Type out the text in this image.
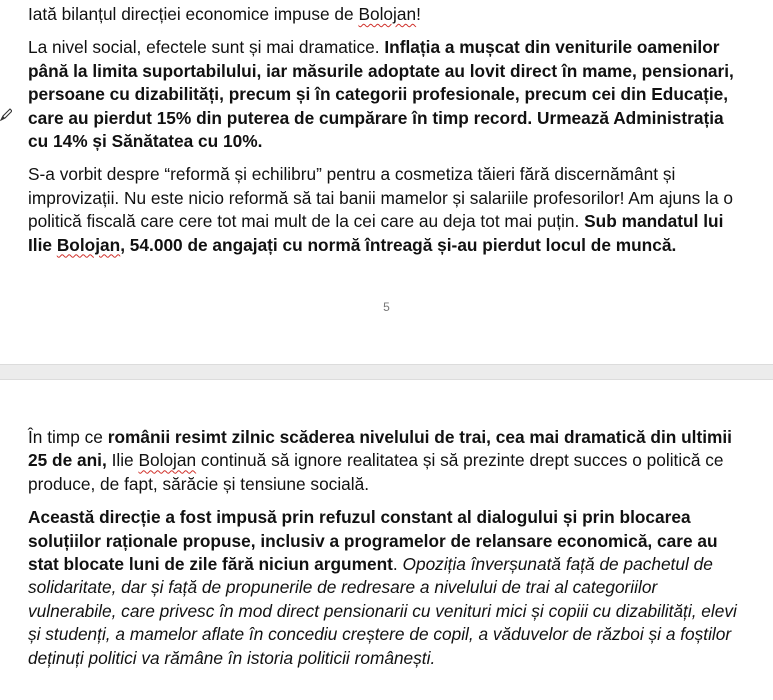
Iată bilanțul direcției economice impuse de Bolojan!

La nivel social, efectele sunt și mai dramatice. Inflația a mușcat din veniturile oamenilor până la limita suportabilului, iar măsurile adoptate au lovit direct în mame, pensionari, persoane cu dizabilități, precum și în categorii profesionale, precum cei din Educație, care au pierdut 15% din puterea de cumpărare în timp record. Urmează Administrația cu 14% și Sănătatea cu 10%.

S-a vorbit despre “reformă și echilibru” pentru a cosmetiza tăieri fără discernământ și improvizații. Nu este nicio reformă să tai banii mamelor și salariile profesorilor! Am ajuns la o politică fiscală care cere tot mai mult de la cei care au deja tot mai puțin. Sub mandatul lui Ilie Bolojan, 54.000 de angajați cu normă întreagă și-au pierdut locul de muncă.

5

În timp ce românii resimt zilnic scăderea nivelului de trai, cea mai dramatică din ultimii 25 de ani, Ilie Bolojan continuă să ignore realitatea și să prezinte drept succes o politică ce produce, de fapt, sărăcie și tensiune socială.

Această direcție a fost impusă prin refuzul constant al dialogului și prin blocarea soluțiilor raționale propuse, inclusiv a programelor de relansare economică, care au stat blocate luni de zile fără niciun argument. Opoziția înverșunată față de pachetul de solidaritate, dar și față de propunerile de redresare a nivelului de trai al categoriilor vulnerabile, care privesc în mod direct pensionarii cu venituri mici și copiii cu dizabilități, elevi și studenți, a mamelor aflate în concediu creștere de copil, a văduvelor de război și a foștilor deținuți politici va rămâne în istoria politicii românești.
